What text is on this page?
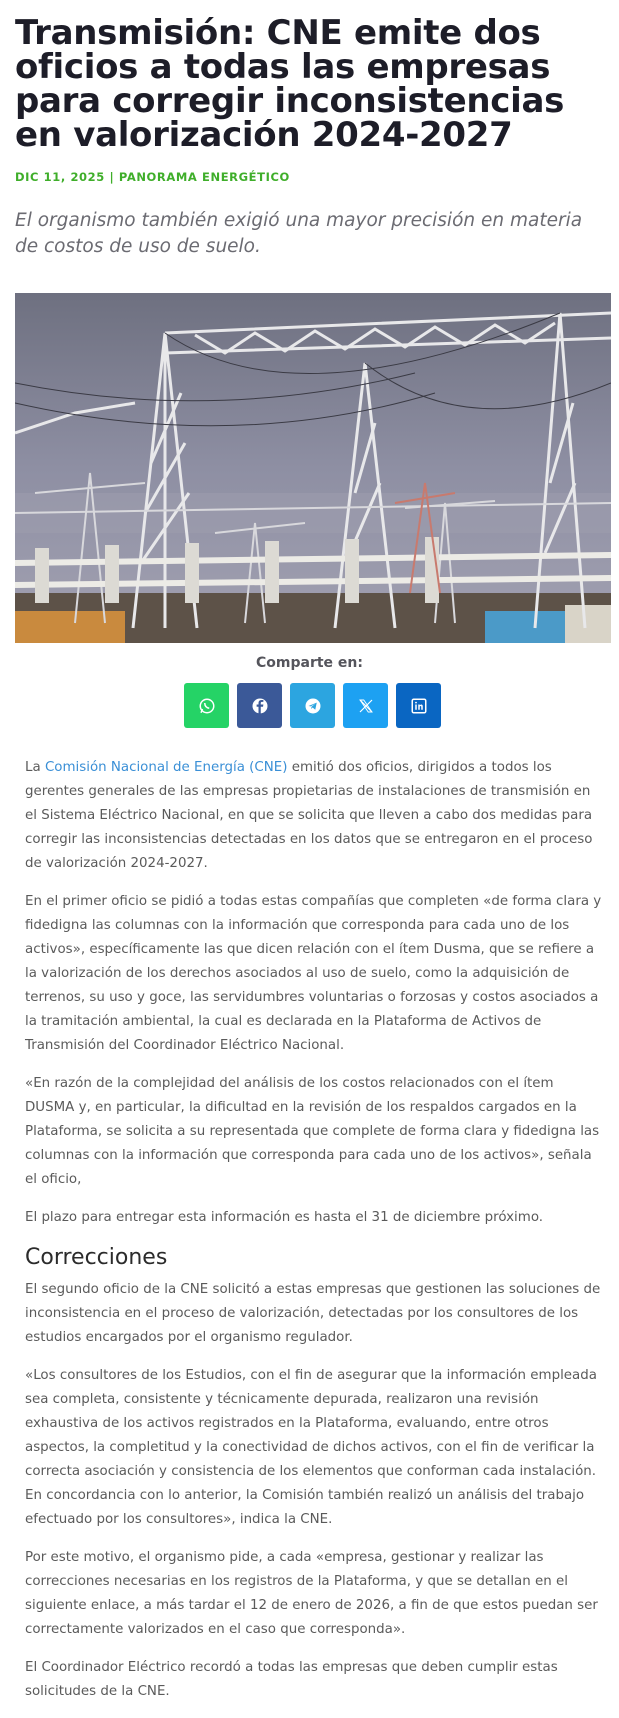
Transmisión: CNE emite dos oficios a todas las empresas para corregir inconsistencias en valorización 2024-2027
DIC 11, 2025 | PANORAMA ENERGÉTICO

El organismo también exigió una mayor precisión en materia de costos de uso de suelo.

Comparte en:

La Comisión Nacional de Energía (CNE) emitió dos oficios, dirigidos a todos los gerentes generales de las empresas propietarias de instalaciones de transmisión en el Sistema Eléctrico Nacional, en que se solicita que lleven a cabo dos medidas para corregir las inconsistencias detectadas en los datos que se entregaron en el proceso de valorización 2024-2027.

En el primer oficio se pidió a todas estas compañías que completen «de forma clara y fidedigna las columnas con la información que corresponda para cada uno de los activos», específicamente las que dicen relación con el ítem Dusma, que se refiere a la valorización de los derechos asociados al uso de suelo, como la adquisición de terrenos, su uso y goce, las servidumbres voluntarias o forzosas y costos asociados a la tramitación ambiental, la cual es declarada en la Plataforma de Activos de Transmisión del Coordinador Eléctrico Nacional.

«En razón de la complejidad del análisis de los costos relacionados con el ítem DUSMA y, en particular, la dificultad en la revisión de los respaldos cargados en la Plataforma, se solicita a su representada que complete de forma clara y fidedigna las columnas con la información que corresponda para cada uno de los activos», señala el oficio,

El plazo para entregar esta información es hasta el 31 de diciembre próximo.

Correcciones

El segundo oficio de la CNE solicitó a estas empresas que gestionen las soluciones de inconsistencia en el proceso de valorización, detectadas por los consultores de los estudios encargados por el organismo regulador.

«Los consultores de los Estudios, con el fin de asegurar que la información empleada sea completa, consistente y técnicamente depurada, realizaron una revisión exhaustiva de los activos registrados en la Plataforma, evaluando, entre otros aspectos, la completitud y la conectividad de dichos activos, con el fin de verificar la correcta asociación y consistencia de los elementos que conforman cada instalación. En concordancia con lo anterior, la Comisión también realizó un análisis del trabajo efectuado por los consultores», indica la CNE.

Por este motivo, el organismo pide, a cada «empresa, gestionar y realizar las correcciones necesarias en los registros de la Plataforma, y que se detallan en el siguiente enlace, a más tardar el 12 de enero de 2026, a fin de que estos puedan ser correctamente valorizados en el caso que corresponda».

El Coordinador Eléctrico recordó a todas las empresas que deben cumplir estas solicitudes de la CNE.
